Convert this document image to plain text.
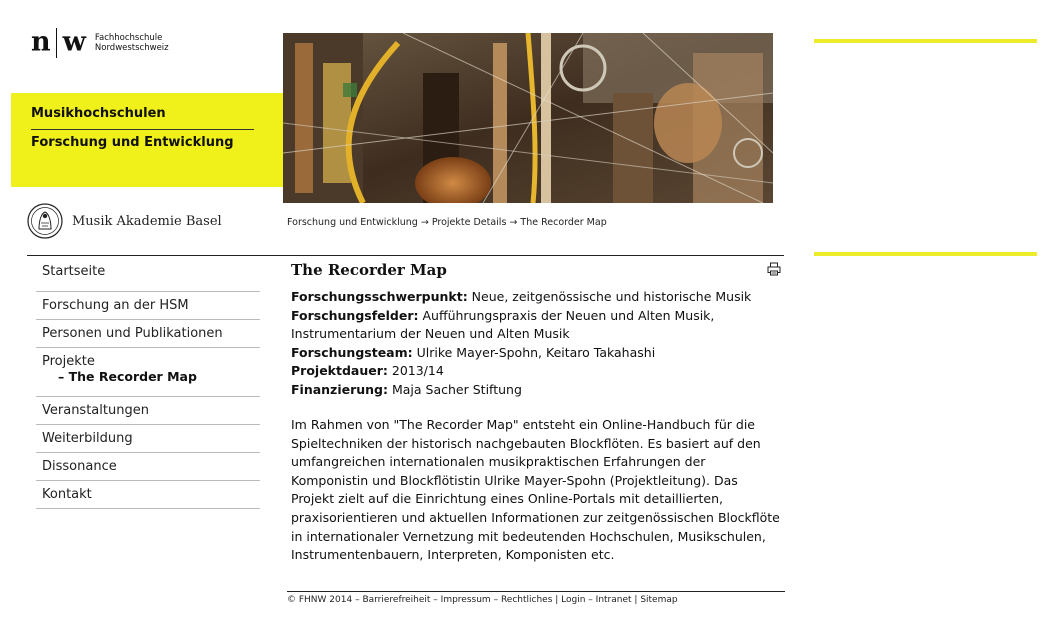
n w Fachhochschule
Nordwestschweiz
Musikhochschulen
Forschung und Entwicklung
Musik Akademie Basel	Forschung und Entwicklung → Projekte Details → The Recorder Map
Startseite
Forschung an der HSM
Personen und Publikationen
Projekte
– The Recorder Map
Veranstaltungen
Weiterbildung
Dissonance
Kontakt
The Recorder Map
Forschungsschwerpunkt: Neue, zeitgenössische und historische Musik
Forschungsfelder: Aufführungspraxis der Neuen und Alten Musik, Instrumentarium der Neuen und Alten Musik
Forschungsteam: Ulrike Mayer-Spohn, Keitaro Takahashi
Projektdauer: 2013/14
Finanzierung: Maja Sacher Stiftung
Im Rahmen von "The Recorder Map" entsteht ein Online-Handbuch für die Spieltechniken der historisch nachgebauten Blockflöten. Es basiert auf den umfangreichen internationalen musikpraktischen Erfahrungen der Komponistin und Blockflötistin Ulrike Mayer-Spohn (Projektleitung). Das Projekt zielt auf die Einrichtung eines Online-Portals mit detaillierten, praxisorientieren und aktuellen Informationen zur zeitgenössischen Blockflöte in internationaler Vernetzung mit bedeutenden Hochschulen, Musikschulen, Instrumentenbauern, Interpreten, Komponisten etc.
© FHNW 2014 – Barrierefreiheit – Impressum – Rechtliches | Login – Intranet | Sitemap
